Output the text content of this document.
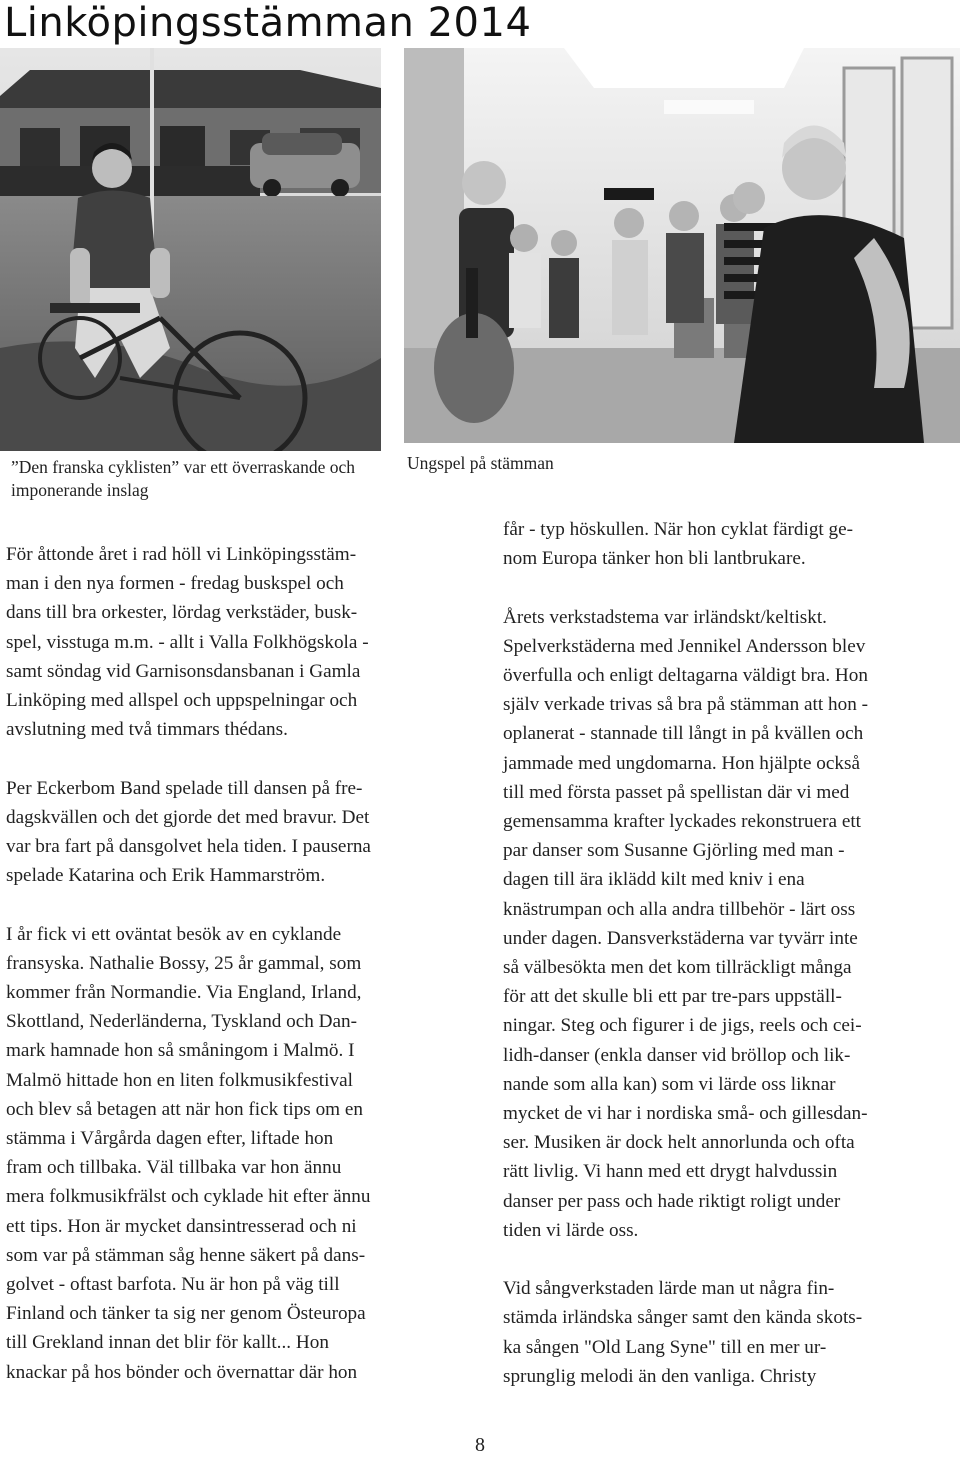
Linköpingsstämman 2014

”Den franska cyklisten” var ett överraskande och imponerande inslag

Ungspel på stämman

För åttonde året i rad höll vi Linköpingsstäm-
man i den nya formen - fredag buskspel och
dans till bra orkester, lördag verkstäder, busk-
spel, visstuga m.m. - allt i Valla Folkhögskola -
samt söndag vid Garnisonsdansbanan i Gamla
Linköping med allspel och uppspelningar och
avslutning med två timmars thédans.

Per Eckerbom Band spelade till dansen på fre-
dagskvällen och det gjorde det med bravur. Det
var bra fart på dansgolvet hela tiden. I pauserna
spelade Katarina och Erik Hammarström.

I år fick vi ett oväntat besök av en cyklande
fransyska. Nathalie Bossy, 25 år gammal, som
kommer från Normandie. Via England, Irland,
Skottland, Nederländerna, Tyskland och Dan-
mark hamnade hon så småningom i Malmö. I
Malmö hittade hon en liten folkmusikfestival
och blev så betagen att när hon fick tips om en
stämma i Vårgårda dagen efter, liftade hon
fram och tillbaka. Väl tillbaka var hon ännu
mera folkmusikfrälst och cyklade hit efter ännu
ett tips. Hon är mycket dansintresserad och ni
som var på stämman såg henne säkert på dans-
golvet - oftast barfota. Nu är hon på väg till
Finland och tänker ta sig ner genom Östeuropa
till Grekland innan det blir för kallt... Hon
knackar på hos bönder och övernattar där hon

får - typ höskullen. När hon cyklat färdigt ge-
nom Europa tänker hon bli lantbrukare.

Årets verkstadstema var irländskt/keltiskt.
Spelverkstäderna med Jennikel Andersson blev
överfulla och enligt deltagarna väldigt bra. Hon
själv verkade trivas så bra på stämman att hon -
oplanerat - stannade till långt in på kvällen och
jammade med ungdomarna. Hon hjälpte också
till med första passet på spellistan där vi med
gemensamma krafter lyckades rekonstruera ett
par danser som Susanne Gjörling med man -
dagen till ära iklädd kilt med kniv i ena
knästrumpan och alla andra tillbehör - lärt oss
under dagen. Dansverkstäderna var tyvärr inte
så välbesökta men det kom tillräckligt många
för att det skulle bli ett par tre-pars uppställ-
ningar. Steg och figurer i de jigs, reels och cei-
lidh-danser (enkla danser vid bröllop och lik-
nande som alla kan) som vi lärde oss liknar
mycket de vi har i nordiska små- och gillesdan-
ser. Musiken är dock helt annorlunda och ofta
rätt livlig. Vi hann med ett drygt halvdussin
danser per pass och hade riktigt roligt under
tiden vi lärde oss.

Vid sångverkstaden lärde man ut några fin-
stämda irländska sånger samt den kända skots-
ka sången "Old Lang Syne" till en mer ur-
sprunglig melodi än den vanliga. Christy

8
